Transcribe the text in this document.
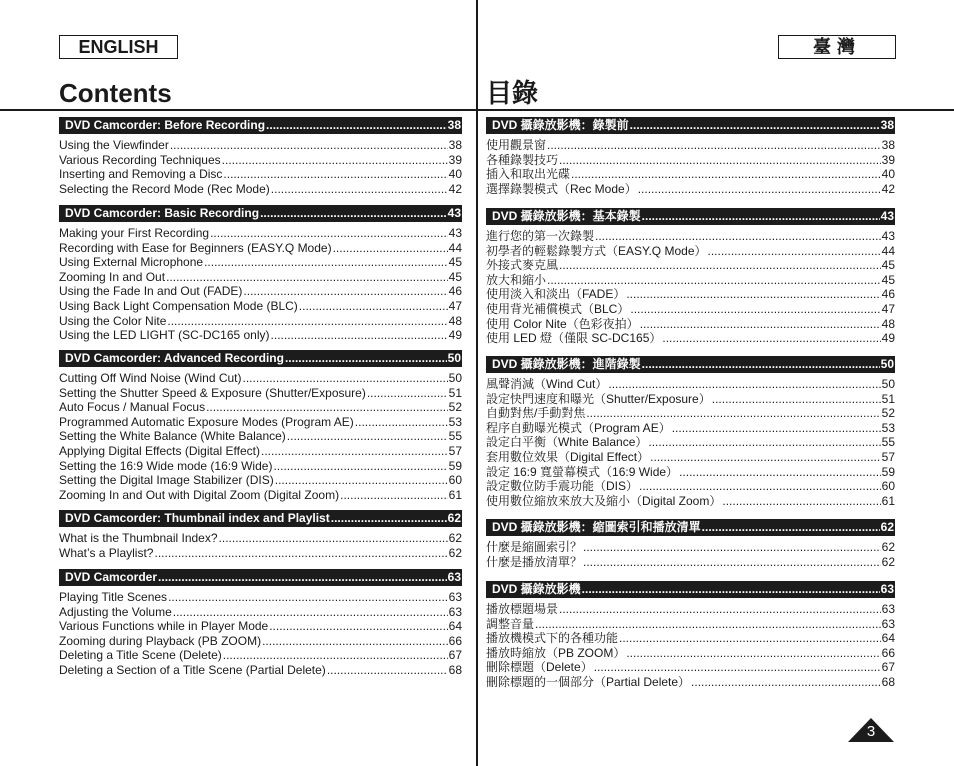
ENGLISH	臺灣
Contents	目錄
DVD Camcorder: Before Recording .....	38
Using the Viewfinder .....	38
Various Recording Techniques .....	39
Inserting and Removing a Disc .....	40
Selecting the Record Mode (Rec Mode) .....	42
DVD Camcorder: Basic Recording .....	43
Making your First Recording .....	43
Recording with Ease for Beginners (EASY.Q Mode) .....	44
Using External Microphone .....	45
Zooming In and Out .....	45
Using the Fade In and Out (FADE) .....	46
Using Back Light Compensation Mode (BLC) .....	47
Using the Color Nite .....	48
Using the LED LIGHT (SC-DC165 only) .....	49
DVD Camcorder: Advanced Recording .....	50
Cutting Off Wind Noise (Wind Cut) .....	50
Setting the Shutter Speed & Exposure (Shutter/Exposure) .....	51
Auto Focus / Manual Focus .....	52
Programmed Automatic Exposure Modes (Program AE) .....	53
Setting the White Balance (White Balance) .....	55
Applying Digital Effects (Digital Effect) .....	57
Setting the 16:9 Wide mode (16:9 Wide) .....	59
Setting the Digital Image Stabilizer (DIS) .....	60
Zooming In and Out with Digital Zoom (Digital Zoom) .....	61
DVD Camcorder: Thumbnail index and Playlist .....	62
What is the Thumbnail Index? .....	62
What’s a Playlist? .....	62
DVD Camcorder .....	63
Playing Title Scenes .....	63
Adjusting the Volume .....	63
Various Functions while in Player Mode .....	64
Zooming during Playback (PB ZOOM) .....	66
Deleting a Title Scene (Delete) .....	67
Deleting a Section of a Title Scene (Partial Delete) .....	68
DVD 攝錄放影機：錄製前 .....	38
使用觀景窗 .....	38
各種錄製技巧 .....	39
插入和取出光碟 .....	40
選擇錄製模式（Rec Mode） .....	42
DVD 攝錄放影機：基本錄製 .....	43
進行您的第一次錄製 .....	43
初學者的輕鬆錄製方式（EASY.Q Mode） .....	44
外接式麥克風 .....	45
放大和縮小 .....	45
使用淡入和淡出（FADE） .....	46
使用背光補償模式（BLC） .....	47
使用 Color Nite（色彩夜拍） .....	48
使用 LED 燈（僅限 SC-DC165） .....	49
DVD 攝錄放影機：進階錄製 .....	50
風聲消減（Wind Cut） .....	50
設定快門速度和曝光（Shutter/Exposure） .....	51
自動對焦/手動對焦 .....	52
程序自動曝光模式（Program AE） .....	53
設定白平衡（White Balance） .....	55
套用數位效果（Digital Effect） .....	57
設定 16:9 寬螢幕模式（16:9 Wide） .....	59
設定數位防手震功能（DIS） .....	60
使用數位縮放來放大及縮小（Digital Zoom） .....	61
DVD 攝錄放影機：縮圖索引和播放清單 .....	62
什麼是縮圖索引？ .....	62
什麼是播放清單？ .....	62
DVD 攝錄放影機 .....	63
播放標題場景 .....	63
調整音量 .....	63
播放機模式下的各種功能 .....	64
播放時縮放（PB ZOOM） .....	66
刪除標題（Delete） .....	67
刪除標題的一個部分（Partial Delete） .....	68
3
